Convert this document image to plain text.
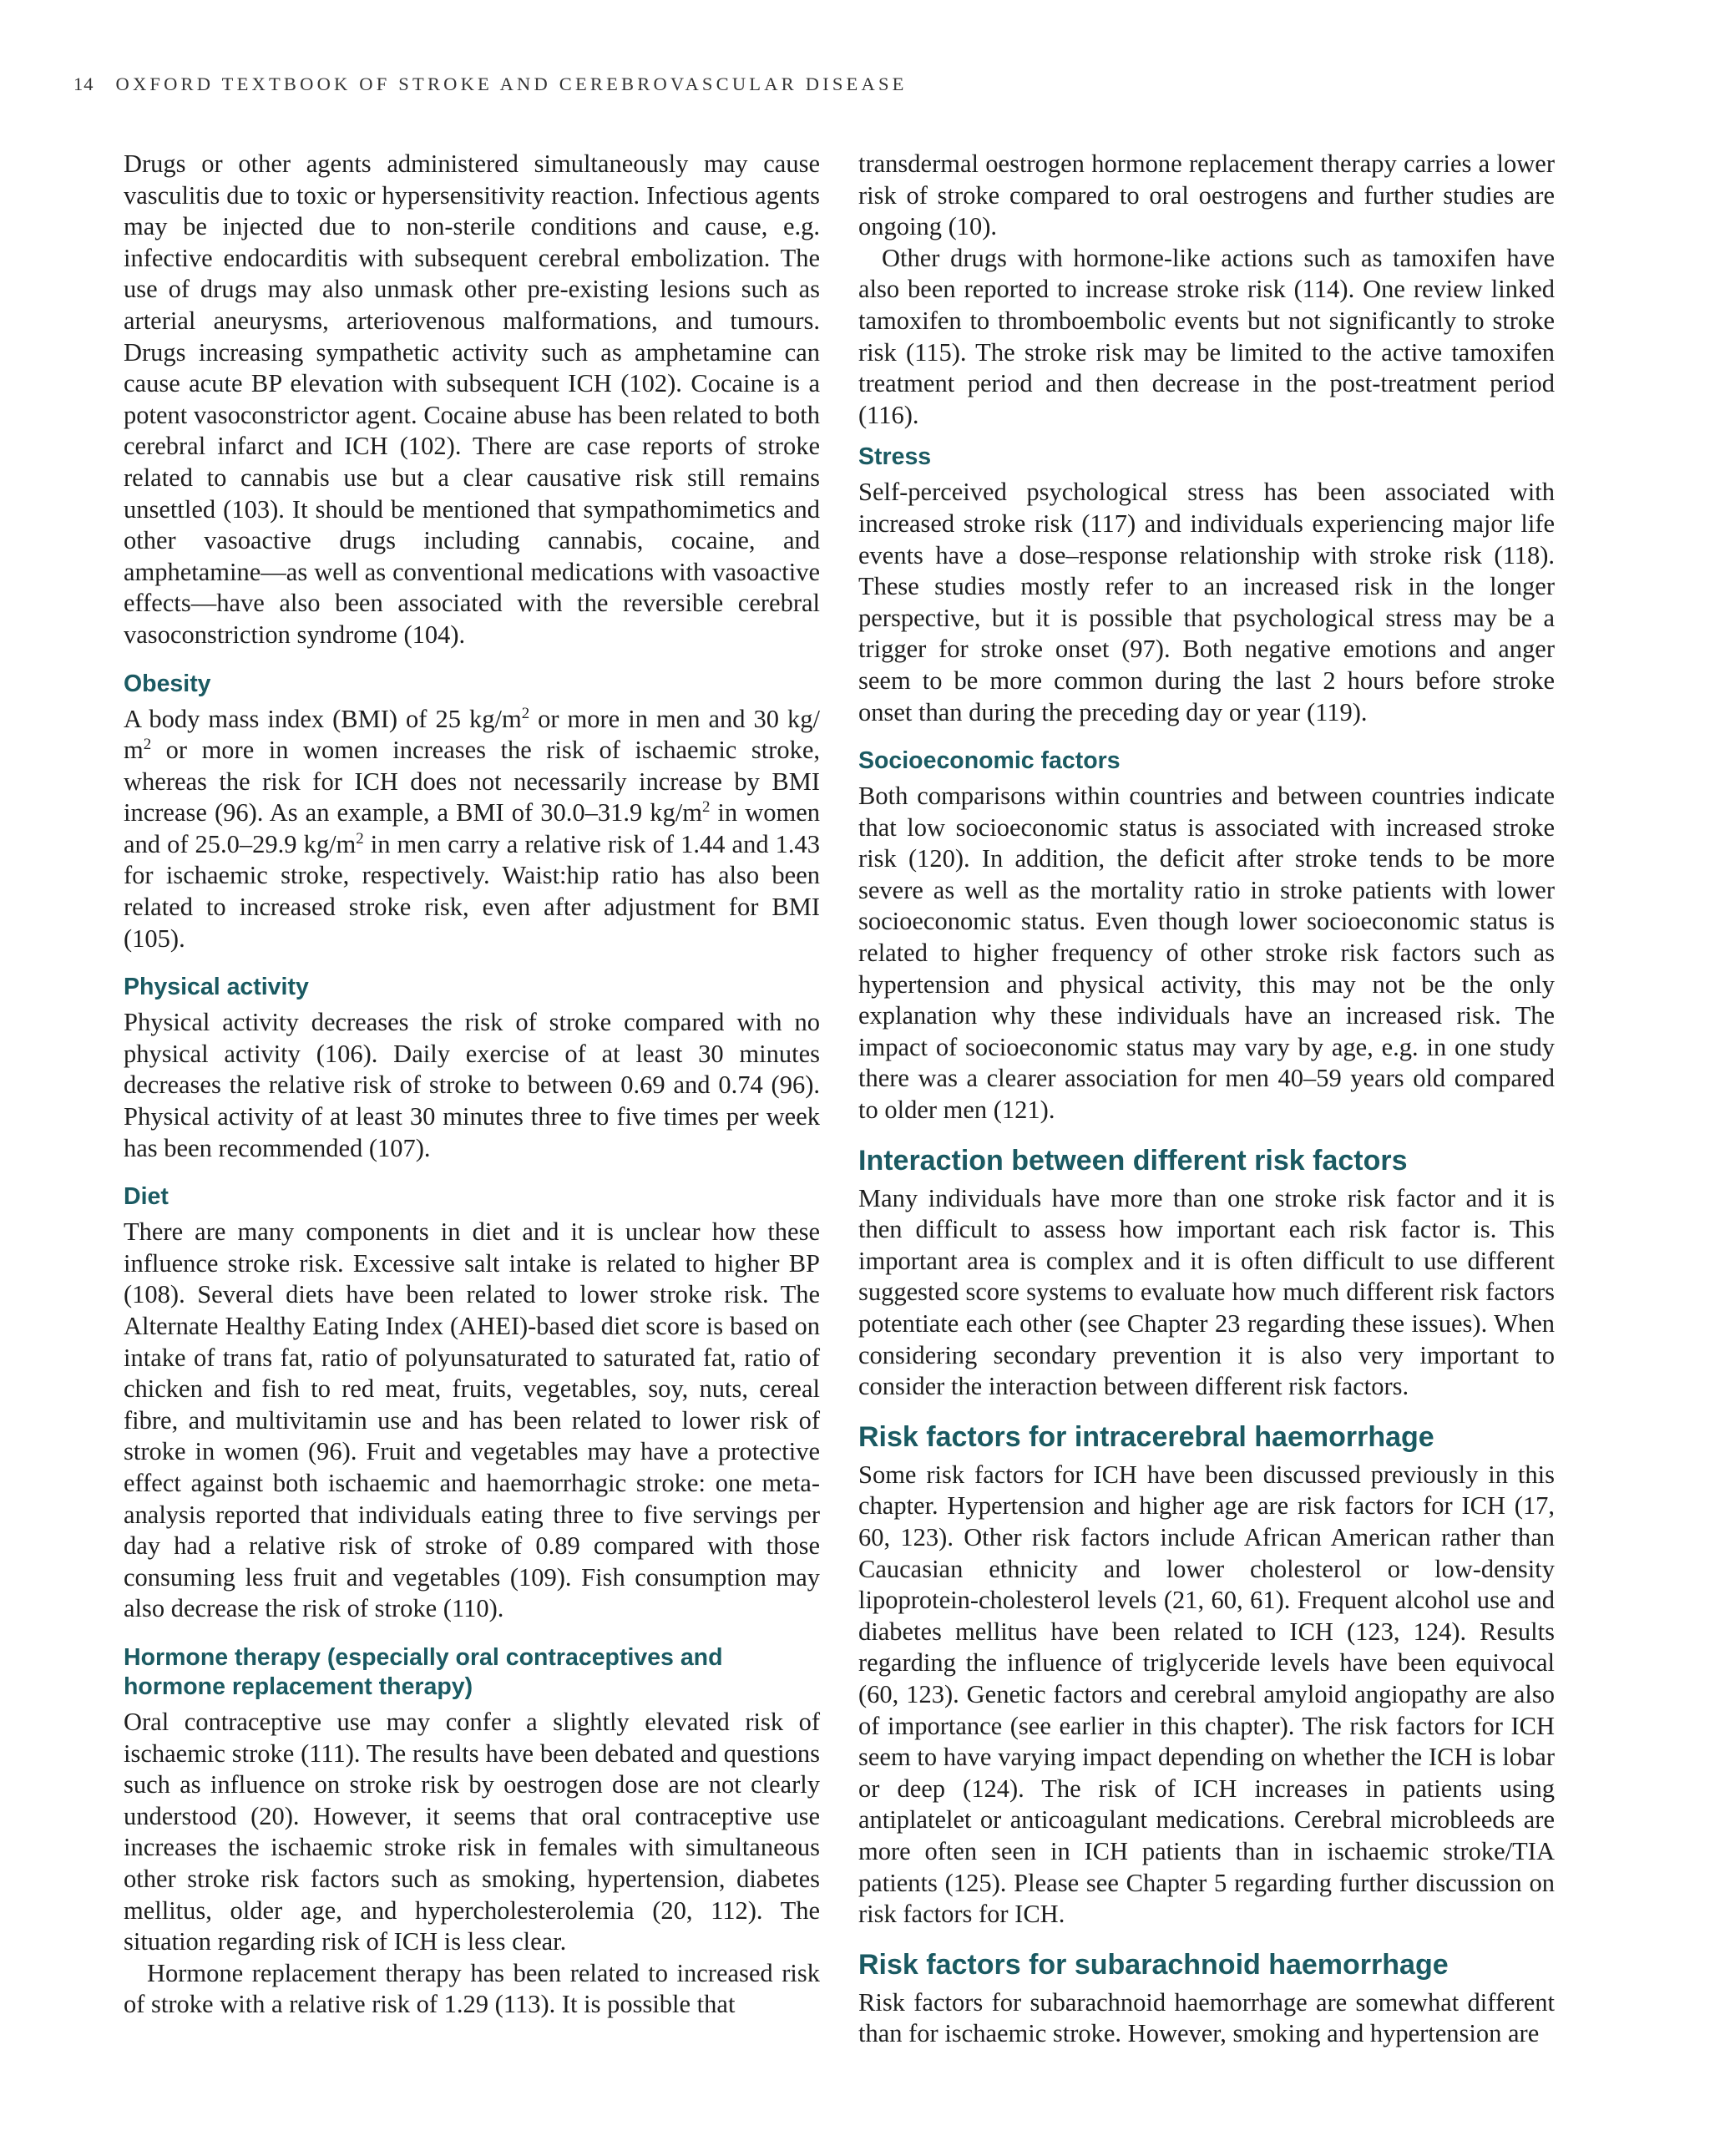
14 OXFORD TEXTBOOK OF STROKE AND CEREBROVASCULAR DISEASE

Drugs or other agents administered simultaneously may cause vasculitis due to toxic or hypersensitivity reaction. Infectious agents may be injected due to non-sterile conditions and cause, e.g. infective endocarditis with subsequent cerebral embolization. The use of drugs may also unmask other pre-existing lesions such as arterial aneurysms, arteriovenous malformations, and tumours. Drugs increasing sympathetic activity such as amphetamine can cause acute BP elevation with subsequent ICH (102). Cocaine is a potent vasoconstrictor agent. Cocaine abuse has been related to both cerebral infarct and ICH (102). There are case reports of stroke related to cannabis use but a clear causative risk still remains unsettled (103). It should be mentioned that sympathomimetics and other vasoactive drugs including cannabis, cocaine, and amphetamine—as well as conventional medications with vasoactive effects—have also been associated with the reversible cerebral vasoconstriction syndrome (104).

Obesity

A body mass index (BMI) of 25 $kg/m^2$ or more in men and 30 kg/ $m^2$ or more in women increases the risk of ischaemic stroke, whereas the risk for ICH does not necessarily increase by BMI increase (96). As an example, a BMI of 30.0–31.9 $kg/m^2$ in women and of 25.0–29.9 $kg/m^2$ in men carry a relative risk of 1.44 and 1.43 for ischaemic stroke, respectively. Waist:hip ratio has also been related to increased stroke risk, even after adjustment for BMI (105).

Physical activity

Physical activity decreases the risk of stroke compared with no physical activity (106). Daily exercise of at least 30 minutes decreases the relative risk of stroke to between 0.69 and 0.74 (96). Physical activity of at least 30 minutes three to five times per week has been recommended (107).

Diet

There are many components in diet and it is unclear how these influence stroke risk. Excessive salt intake is related to higher BP (108). Several diets have been related to lower stroke risk. The Alternate Healthy Eating Index (AHEI)-based diet score is based on intake of trans fat, ratio of polyunsaturated to saturated fat, ratio of chicken and fish to red meat, fruits, vegetables, soy, nuts, cereal fibre, and multivitamin use and has been related to lower risk of stroke in women (96). Fruit and vegetables may have a protective effect against both ischaemic and haemorrhagic stroke: one meta-analysis reported that individuals eating three to five servings per day had a relative risk of stroke of 0.89 compared with those consuming less fruit and vegetables (109). Fish consumption may also decrease the risk of stroke (110).

Hormone therapy (especially oral contraceptives and hormone replacement therapy)

Oral contraceptive use may confer a slightly elevated risk of ischaemic stroke (111). The results have been debated and questions such as influence on stroke risk by oestrogen dose are not clearly understood (20). However, it seems that oral contraceptive use increases the ischaemic stroke risk in females with simultaneous other stroke risk factors such as smoking, hypertension, diabetes mellitus, older age, and hypercholesterolemia (20, 112). The situation regarding risk of ICH is less clear.

Hormone replacement therapy has been related to increased risk of stroke with a relative risk of 1.29 (113). It is possible that

transdermal oestrogen hormone replacement therapy carries a lower risk of stroke compared to oral oestrogens and further studies are ongoing (10).

Other drugs with hormone-like actions such as tamoxifen have also been reported to increase stroke risk (114). One review linked tamoxifen to thromboembolic events but not significantly to stroke risk (115). The stroke risk may be limited to the active tamoxifen treatment period and then decrease in the post-treatment period (116).

Stress

Self-perceived psychological stress has been associated with increased stroke risk (117) and individuals experiencing major life events have a dose–response relationship with stroke risk (118). These studies mostly refer to an increased risk in the longer perspective, but it is possible that psychological stress may be a trigger for stroke onset (97). Both negative emotions and anger seem to be more common during the last 2 hours before stroke onset than during the preceding day or year (119).

Socioeconomic factors

Both comparisons within countries and between countries indicate that low socioeconomic status is associated with increased stroke risk (120). In addition, the deficit after stroke tends to be more severe as well as the mortality ratio in stroke patients with lower socioeconomic status. Even though lower socioeconomic status is related to higher frequency of other stroke risk factors such as hypertension and physical activity, this may not be the only explanation why these individuals have an increased risk. The impact of socioeconomic status may vary by age, e.g. in one study there was a clearer association for men 40–59 years old compared to older men (121).

Interaction between different risk factors

Many individuals have more than one stroke risk factor and it is then difficult to assess how important each risk factor is. This important area is complex and it is often difficult to use different suggested score systems to evaluate how much different risk factors potentiate each other (see Chapter 23 regarding these issues). When considering secondary prevention it is also very important to consider the interaction between different risk factors.

Risk factors for intracerebral haemorrhage

Some risk factors for ICH have been discussed previously in this chapter. Hypertension and higher age are risk factors for ICH (17, 60, 123). Other risk factors include African American rather than Caucasian ethnicity and lower cholesterol or low-density lipoprotein-cholesterol levels (21, 60, 61). Frequent alcohol use and diabetes mellitus have been related to ICH (123, 124). Results regarding the influence of triglyceride levels have been equivocal (60, 123). Genetic factors and cerebral amyloid angiopathy are also of importance (see earlier in this chapter). The risk factors for ICH seem to have varying impact depending on whether the ICH is lobar or deep (124). The risk of ICH increases in patients using antiplatelet or anticoagulant medications. Cerebral microbleeds are more often seen in ICH patients than in ischaemic stroke/TIA patients (125). Please see Chapter 5 regarding further discussion on risk factors for ICH.

Risk factors for subarachnoid haemorrhage

Risk factors for subarachnoid haemorrhage are somewhat different than for ischaemic stroke. However, smoking and hypertension are
